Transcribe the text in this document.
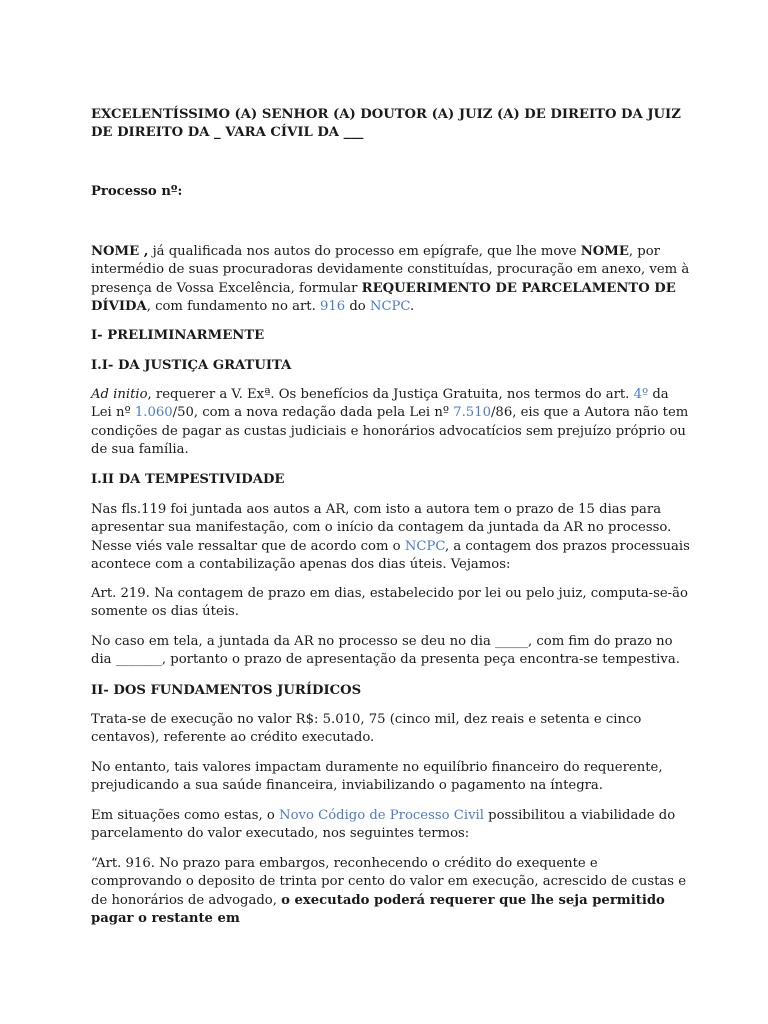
EXCELENTÍSSIMO (A) SENHOR (A) DOUTOR (A) JUIZ (A) DE DIREITO DA JUIZ DE DIREITO DA _ VARA CÍVIL DA ___

Processo nº:

NOME , já qualificada nos autos do processo em epígrafe, que lhe move NOME, por intermédio de suas procuradoras devidamente constituídas, procuração em anexo, vem à presença de Vossa Excelência, formular REQUERIMENTO DE PARCELAMENTO DE DÍVIDA, com fundamento no art. 916 do NCPC.

I- PRELIMINARMENTE

I.I- DA JUSTIÇA GRATUITA

Ad initio, requerer a V. Exª. Os benefícios da Justiça Gratuita, nos termos do art. 4º da Lei nº 1.060/50, com a nova redação dada pela Lei nº 7.510/86, eis que a Autora não tem condições de pagar as custas judiciais e honorários advocatícios sem prejuízo próprio ou de sua família.

I.II DA TEMPESTIVIDADE

Nas fls.119 foi juntada aos autos a AR, com isto a autora tem o prazo de 15 dias para apresentar sua manifestação, com o início da contagem da juntada da AR no processo. Nesse viés vale ressaltar que de acordo com o NCPC, a contagem dos prazos processuais acontece com a contabilização apenas dos dias úteis. Vejamos:

Art. 219. Na contagem de prazo em dias, estabelecido por lei ou pelo juiz, computa-se-ão somente os dias úteis.

No caso em tela, a juntada da AR no processo se deu no dia _____, com fim do prazo no dia _______, portanto o prazo de apresentação da presenta peça encontra-se tempestiva.

II- DOS FUNDAMENTOS JURÍDICOS

Trata-se de execução no valor R$: 5.010, 75 (cinco mil, dez reais e setenta e cinco centavos), referente ao crédito executado.

No entanto, tais valores impactam duramente no equilíbrio financeiro do requerente, prejudicando a sua saúde financeira, inviabilizando o pagamento na íntegra.

Em situações como estas, o Novo Código de Processo Civil possibilitou a viabilidade do parcelamento do valor executado, nos seguintes termos:

“Art. 916. No prazo para embargos, reconhecendo o crédito do exequente e comprovando o deposito de trinta por cento do valor em execução, acrescido de custas e de honorários de advogado, o executado poderá requerer que lhe seja permitido pagar o restante em
